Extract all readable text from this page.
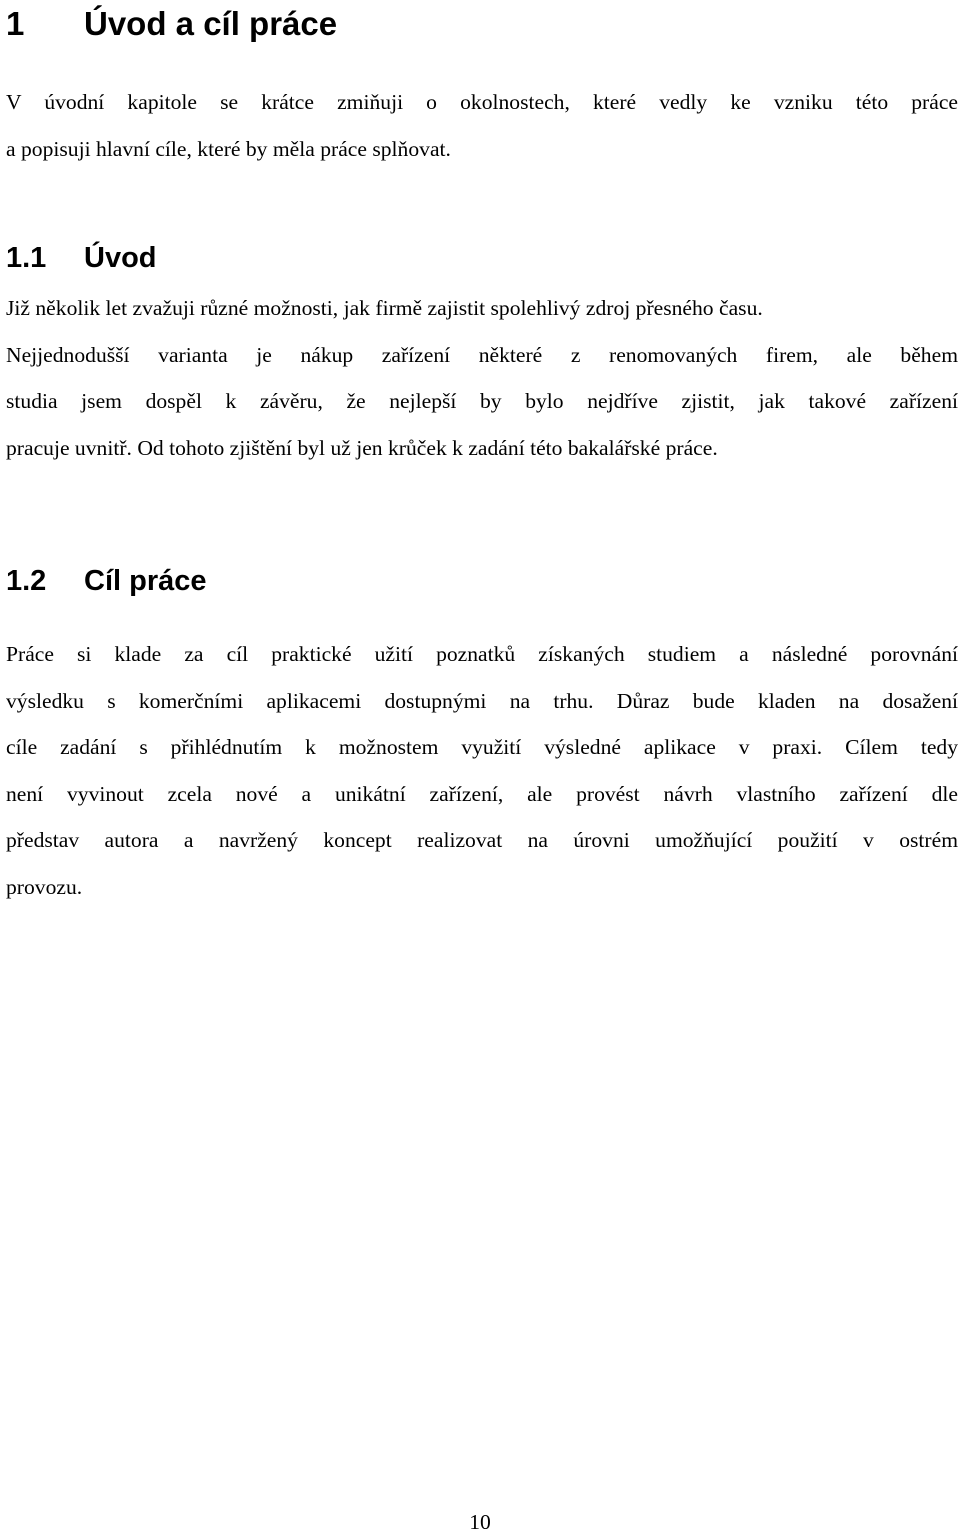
1 Úvod a cíl práce

V úvodní kapitole se krátce zmiňuji o okolnostech, které vedly ke vzniku této práce
a popisuji hlavní cíle, které by měla práce splňovat.

1.1 Úvod

Již několik let zvažuji různé možnosti, jak firmě zajistit spolehlivý zdroj přesného času.
Nejjednodušší varianta je nákup zařízení některé z renomovaných firem, ale během
studia jsem dospěl k závěru, že nejlepší by bylo nejdříve zjistit, jak takové zařízení
pracuje uvnitř. Od tohoto zjištění byl už jen krůček k zadání této bakalářské práce.

1.2 Cíl práce

Práce si klade za cíl praktické užití poznatků získaných studiem a následné porovnání
výsledku s komerčními aplikacemi dostupnými na trhu. Důraz bude kladen na dosažení
cíle zadání s přihlédnutím k možnostem využití výsledné aplikace v praxi. Cílem tedy
není vyvinout zcela nové a unikátní zařízení, ale provést návrh vlastního zařízení dle
představ autora a navržený koncept realizovat na úrovni umožňující použití v ostrém
provozu.

10
